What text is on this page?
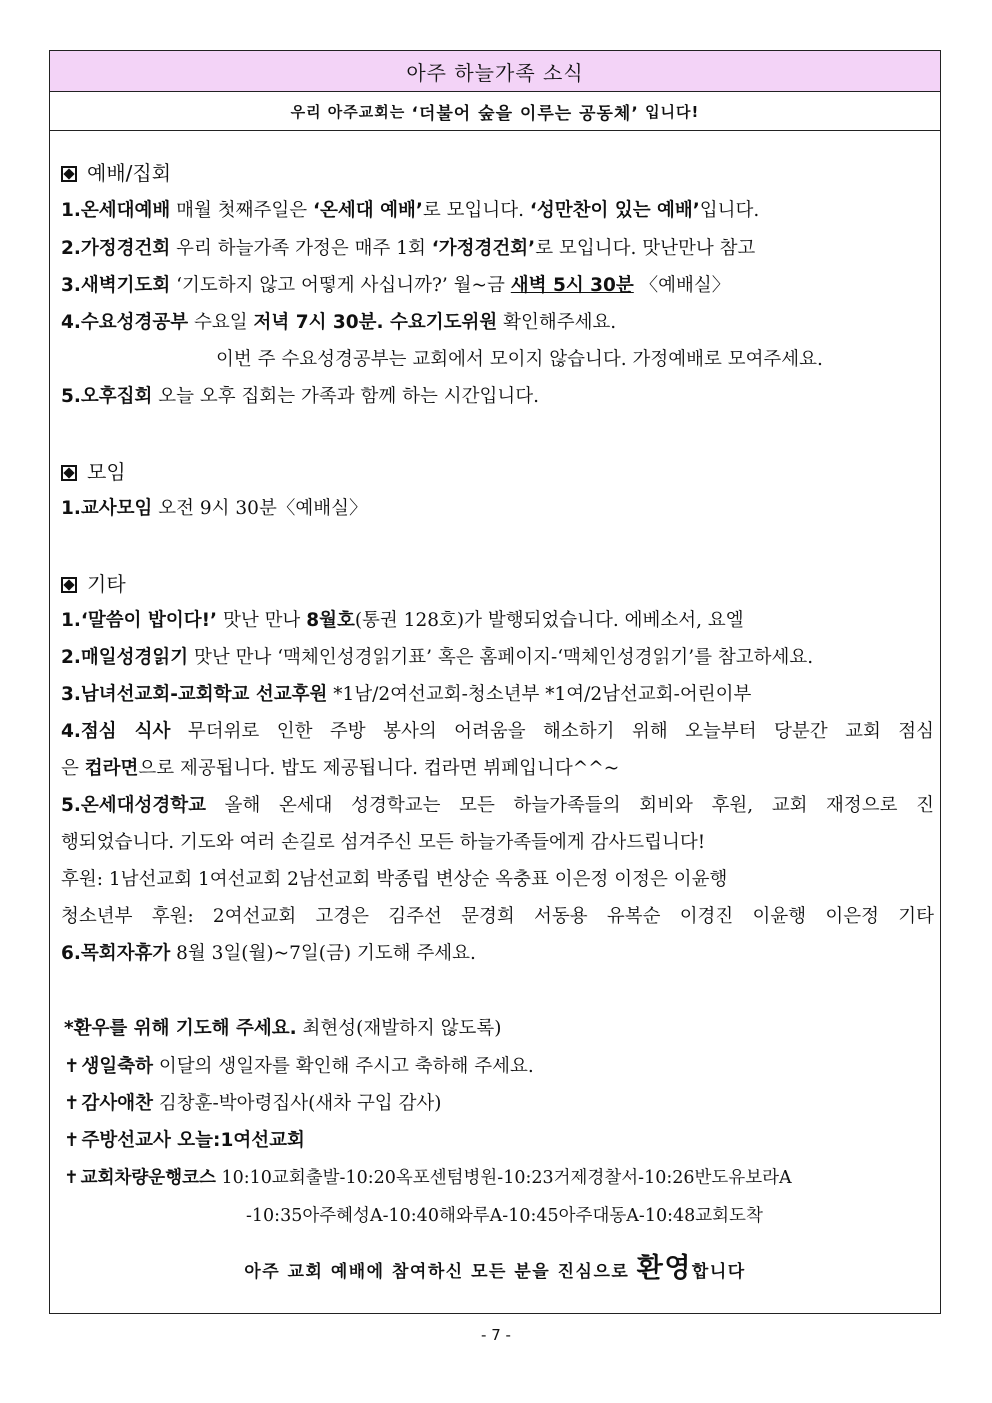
아주 하늘가족 소식
우리 아주교회는
‘더불어 숲을 이루는 공동체’
입니다!
예배/집회
1.온세대예배 매월 첫째주일은 ‘온세대 예배’로 모입니다. ‘성만찬이 있는 예배’입니다.
2.가정경건회 우리 하늘가족 가정은 매주 1회 ‘가정경건회’로 모입니다. 맛난만나 참고
3.새벽기도회 ‘기도하지 않고 어떻게 사십니까?’ 월~금 새벽 5시 30분 〈예배실〉
4.수요성경공부 수요일 저녁 7시 30분. 수요기도위원 확인해주세요.
이번 주 수요성경공부는 교회에서 모이지 않습니다. 가정예배로 모여주세요.
5.오후집회 오늘 오후 집회는 가족과 함께 하는 시간입니다.
모임
1.교사모임 오전 9시 30분〈예배실〉
기타
1.‘말씀이 밥이다!’ 맛난 만나 8월호(통권 128호)가 발행되었습니다. 에베소서, 요엘
2.매일성경읽기 맛난 만나 ‘맥체인성경읽기표’ 혹은 홈페이지-‘맥체인성경읽기’를 참고하세요.
3.남녀선교회-교회학교 선교후원 *1남/2여선교회-청소년부 *1여/2남선교회-어린이부
4.점심 식사 무더위로 인한 주방 봉사의 어려움을 해소하기 위해 오늘부터 당분간 교회 점심
은 컵라면으로 제공됩니다. 밥도 제공됩니다. 컵라면 뷔페입니다^^~
5.온세대성경학교 올해 온세대 성경학교는 모든 하늘가족들의 회비와 후원, 교회 재정으로 진
행되었습니다. 기도와 여러 손길로 섬겨주신 모든 하늘가족들에게 감사드립니다!
후원: 1남선교회 1여선교회 2남선교회 박종립 변상순 옥충표 이은정 이정은 이윤행
청소년부 후원: 2여선교회 고경은 김주선 문경희 서동용 유복순 이경진 이윤행 이은정 기타
6.목회자휴가 8월 3일(월)~7일(금) 기도해 주세요.
*환우를 위해 기도해 주세요. 최현성(재발하지 않도록)
✝ 생일축하 이달의 생일자를 확인해 주시고 축하해 주세요.
✝ 감사애찬 김창훈-박아령집사(새차 구입 감사)
✝ 주방선교사 오늘:1여선교회
✝ 교회차량운행코스 10:10교회출발-10:20옥포센텀병원-10:23거제경찰서-10:26반도유보라A
-10:35아주혜성A-10:40해와루A-10:45아주대동A-10:48교회도착
아주 교회 예배에 참여하신 모든 분을 진심으로 환영합니다
- 7 -
